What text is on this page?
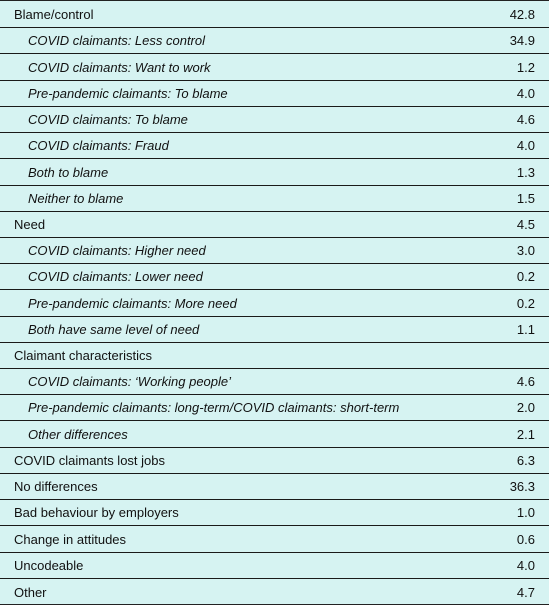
Blame/control	42.8
COVID claimants: Less control	34.9
COVID claimants: Want to work	1.2
Pre-pandemic claimants: To blame	4.0
COVID claimants: To blame	4.6
COVID claimants: Fraud	4.0
Both to blame	1.3
Neither to blame	1.5
Need	4.5
COVID claimants: Higher need	3.0
COVID claimants: Lower need	0.2
Pre-pandemic claimants: More need	0.2
Both have same level of need	1.1
Claimant characteristics
COVID claimants: ‘Working people’	4.6
Pre-pandemic claimants: long-term/COVID claimants: short-term	2.0
Other differences	2.1
COVID claimants lost jobs	6.3
No differences	36.3
Bad behaviour by employers	1.0
Change in attitudes	0.6
Uncodeable	4.0
Other	4.7
